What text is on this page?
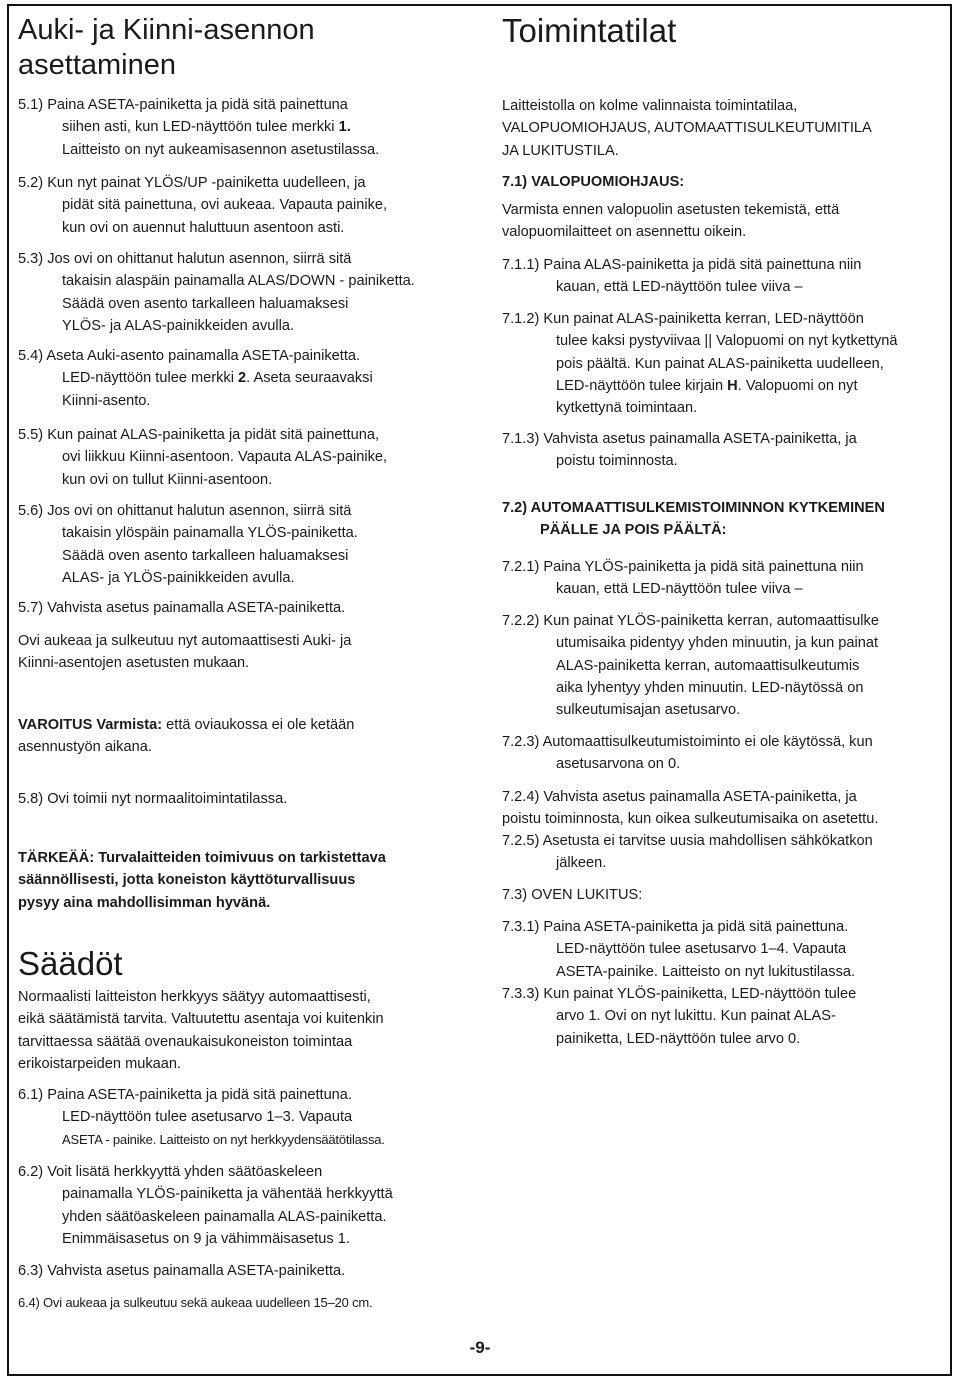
Auki- ja Kiinni-asennon
asettaminen
5.1) Paina ASETA-painiketta ja pidä sitä painettuna
siihen asti, kun LED-näyttöön tulee merkki 1.
Laitteisto on nyt aukeamisasennon asetustilassa.
5.2) Kun nyt painat YLÖS/UP -painiketta uudelleen, ja
pidät sitä painettuna, ovi aukeaa. Vapauta painike,
kun ovi on auennut haluttuun asentoon asti.
5.3) Jos ovi on ohittanut halutun asennon, siirrä sitä
takaisin alaspäin painamalla ALAS/DOWN - painiketta.
Säädä oven asento tarkalleen haluamaksesi
YLÖS- ja ALAS-painikkeiden avulla.
5.4) Aseta Auki-asento painamalla ASETA-painiketta.
LED-näyttöön tulee merkki 2. Aseta seuraavaksi
Kiinni-asento.
5.5) Kun painat ALAS-painiketta ja pidät sitä painettuna,
ovi liikkuu Kiinni-asentoon. Vapauta ALAS-painike,
kun ovi on tullut Kiinni-asentoon.
5.6) Jos ovi on ohittanut halutun asennon, siirrä sitä
takaisin ylöspäin painamalla YLÖS-painiketta.
Säädä oven asento tarkalleen haluamaksesi
ALAS- ja YLÖS-painikkeiden avulla.
5.7) Vahvista asetus painamalla ASETA-painiketta.
Ovi aukeaa ja sulkeutuu nyt automaattisesti Auki- ja
Kiinni-asentojen asetusten mukaan.
VAROITUS Varmista: että oviaukossa ei ole ketään
asennustyön aikana.
5.8) Ovi toimii nyt normaalitoimintatilassa.
TÄRKEÄÄ: Turvalaitteiden toimivuus on tarkistettava
säännöllisesti, jotta koneiston käyttöturvallisuus
pysyy aina mahdollisimman hyvänä.
Säädöt
Normaalisti laitteiston herkkyys säätyy automaattisesti,
eikä säätämistä tarvita. Valtuutettu asentaja voi kuitenkin
tarvittaessa säätää ovenaukaisukoneiston toimintaa
erikoistarpeiden mukaan.
6.1) Paina ASETA-painiketta ja pidä sitä painettuna.
LED-näyttöön tulee asetusarvo 1–3. Vapauta
ASETA - painike. Laitteisto on nyt herkkyydensäätötilassa.
6.2) Voit lisätä herkkyyttä yhden säätöaskeleen
painamalla YLÖS-painiketta ja vähentää herkkyyttä
yhden säätöaskeleen painamalla ALAS-painiketta.
Enimmäisasetus on 9 ja vähimmäisasetus 1.
6.3) Vahvista asetus painamalla ASETA-painiketta.
6.4) Ovi aukeaa ja sulkeutuu sekä aukeaa uudelleen 15–20 cm.
Toimintatilat
Laitteistolla on kolme valinnaista toimintatilaa,
VALOPUOMIOHJAUS, AUTOMAATTISULKEUTUMITILA
JA LUKITUSTILA.
7.1) VALOPUOMIOHJAUS:
Varmista ennen valopuolin asetusten tekemistä, että
valopuomilaitteet on asennettu oikein.
7.1.1) Paina ALAS-painiketta ja pidä sitä painettuna niin
kauan, että LED-näyttöön tulee viiva –
7.1.2) Kun painat ALAS-painiketta kerran, LED-näyttöön
tulee kaksi pystyviivaa || Valopuomi on nyt kytkettynä
pois päältä. Kun painat ALAS-painiketta uudelleen,
LED-näyttöön tulee kirjain H. Valopuomi on nyt
kytkettynä toimintaan.
7.1.3) Vahvista asetus painamalla ASETA-painiketta, ja
poistu toiminnosta.
7.2) AUTOMAATTISULKEMISTOIMINNON KYTKEMINEN
PÄÄLLE JA POIS PÄÄLTÄ:
7.2.1) Paina YLÖS-painiketta ja pidä sitä painettuna niin
kauan, että LED-näyttöön tulee viiva –
7.2.2) Kun painat YLÖS-painiketta kerran, automaattisulke
utumisaika pidentyy yhden minuutin, ja kun painat
ALAS-painiketta kerran, automaattisulkeutumis
aika lyhentyy yhden minuutin. LED-näytössä on
sulkeutumisajan asetusarvo.
7.2.3) Automaattisulkeutumistoiminto ei ole käytössä, kun
asetusarvona on 0.
7.2.4) Vahvista asetus painamalla ASETA-painiketta, ja
poistu toiminnosta, kun oikea sulkeutumisaika on asetettu.
7.2.5) Asetusta ei tarvitse uusia mahdollisen sähkökatkon
jälkeen.
7.3) OVEN LUKITUS:
7.3.1) Paina ASETA-painiketta ja pidä sitä painettuna.
LED-näyttöön tulee asetusarvo 1–4. Vapauta
ASETA-painike. Laitteisto on nyt lukitustilassa.
7.3.3) Kun painat YLÖS-painiketta, LED-näyttöön tulee
arvo 1. Ovi on nyt lukittu. Kun painat ALAS-
painiketta, LED-näyttöön tulee arvo 0.
-9-
